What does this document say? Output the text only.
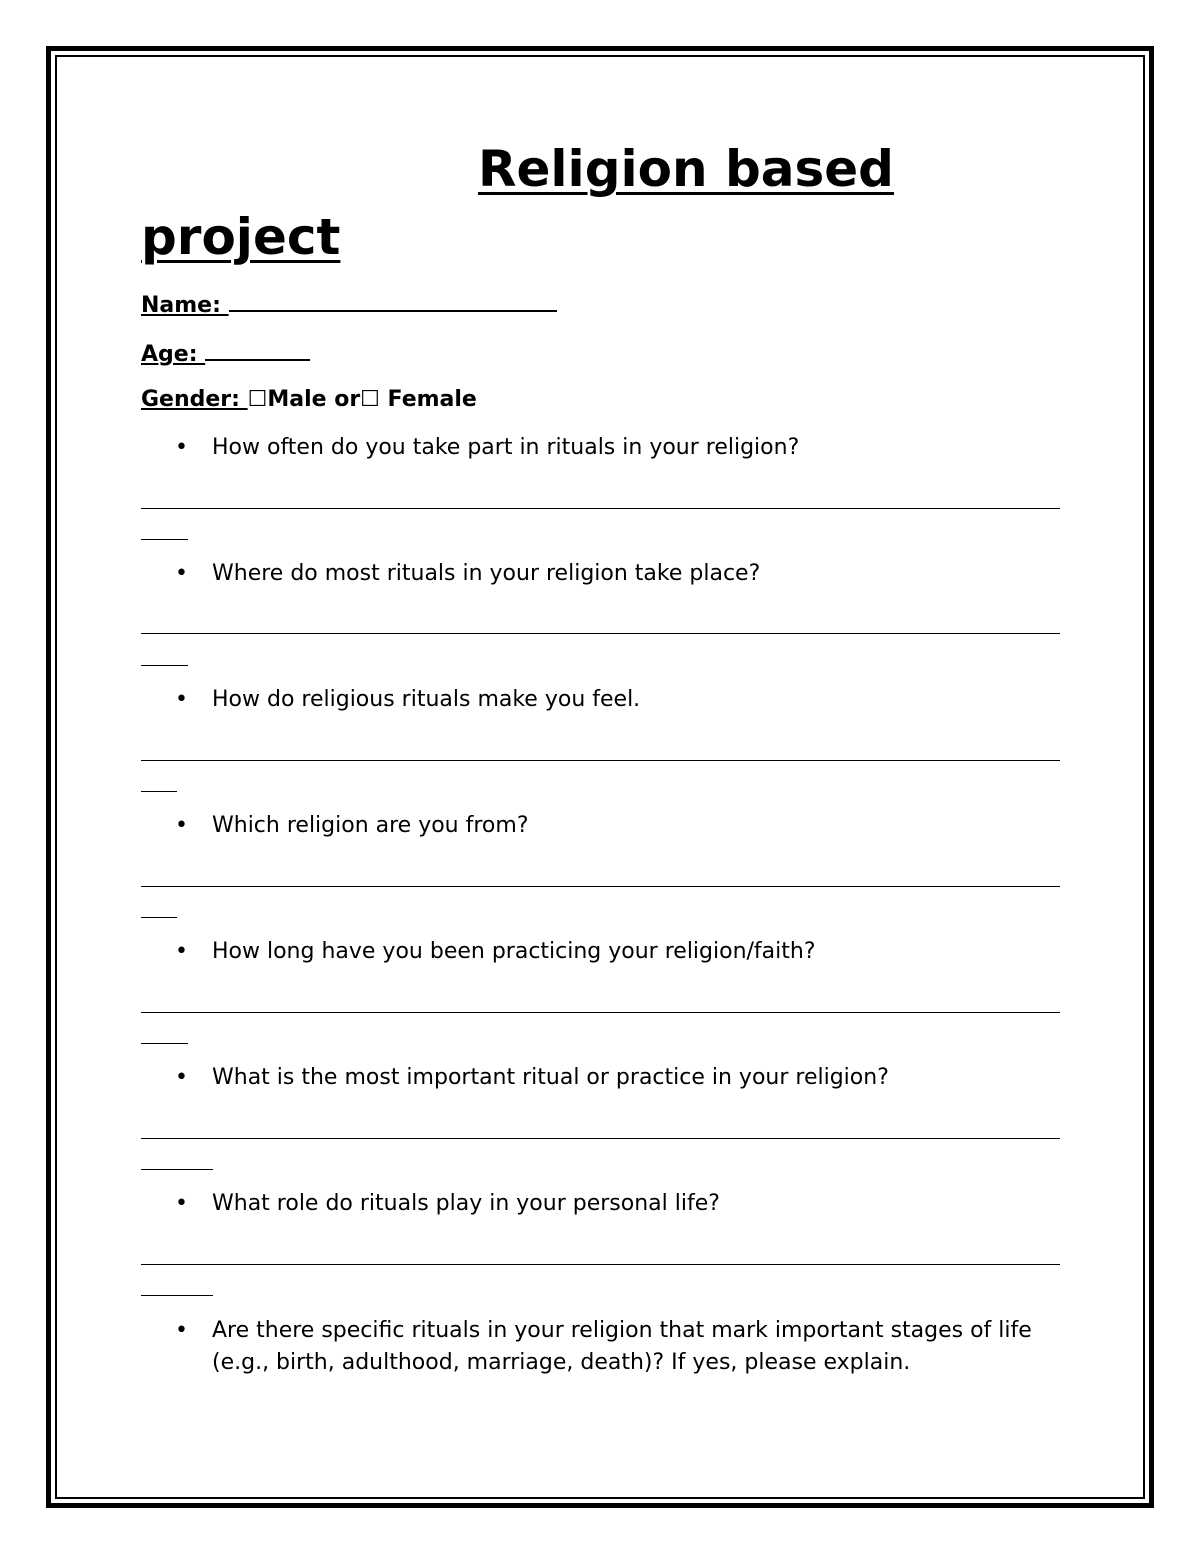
Religion based
project
Name:
Age:
Gender: ☐Male or☐ Female
• How often do you take part in rituals in your religion?
• Where do most rituals in your religion take place?
• How do religious rituals make you feel.
• Which religion are you from?
• How long have you been practicing your religion/faith?
• What is the most important ritual or practice in your religion?
• What role do rituals play in your personal life?
• Are there specific rituals in your religion that mark important stages of life (e.g., birth, adulthood, marriage, death)? If yes, please explain.
